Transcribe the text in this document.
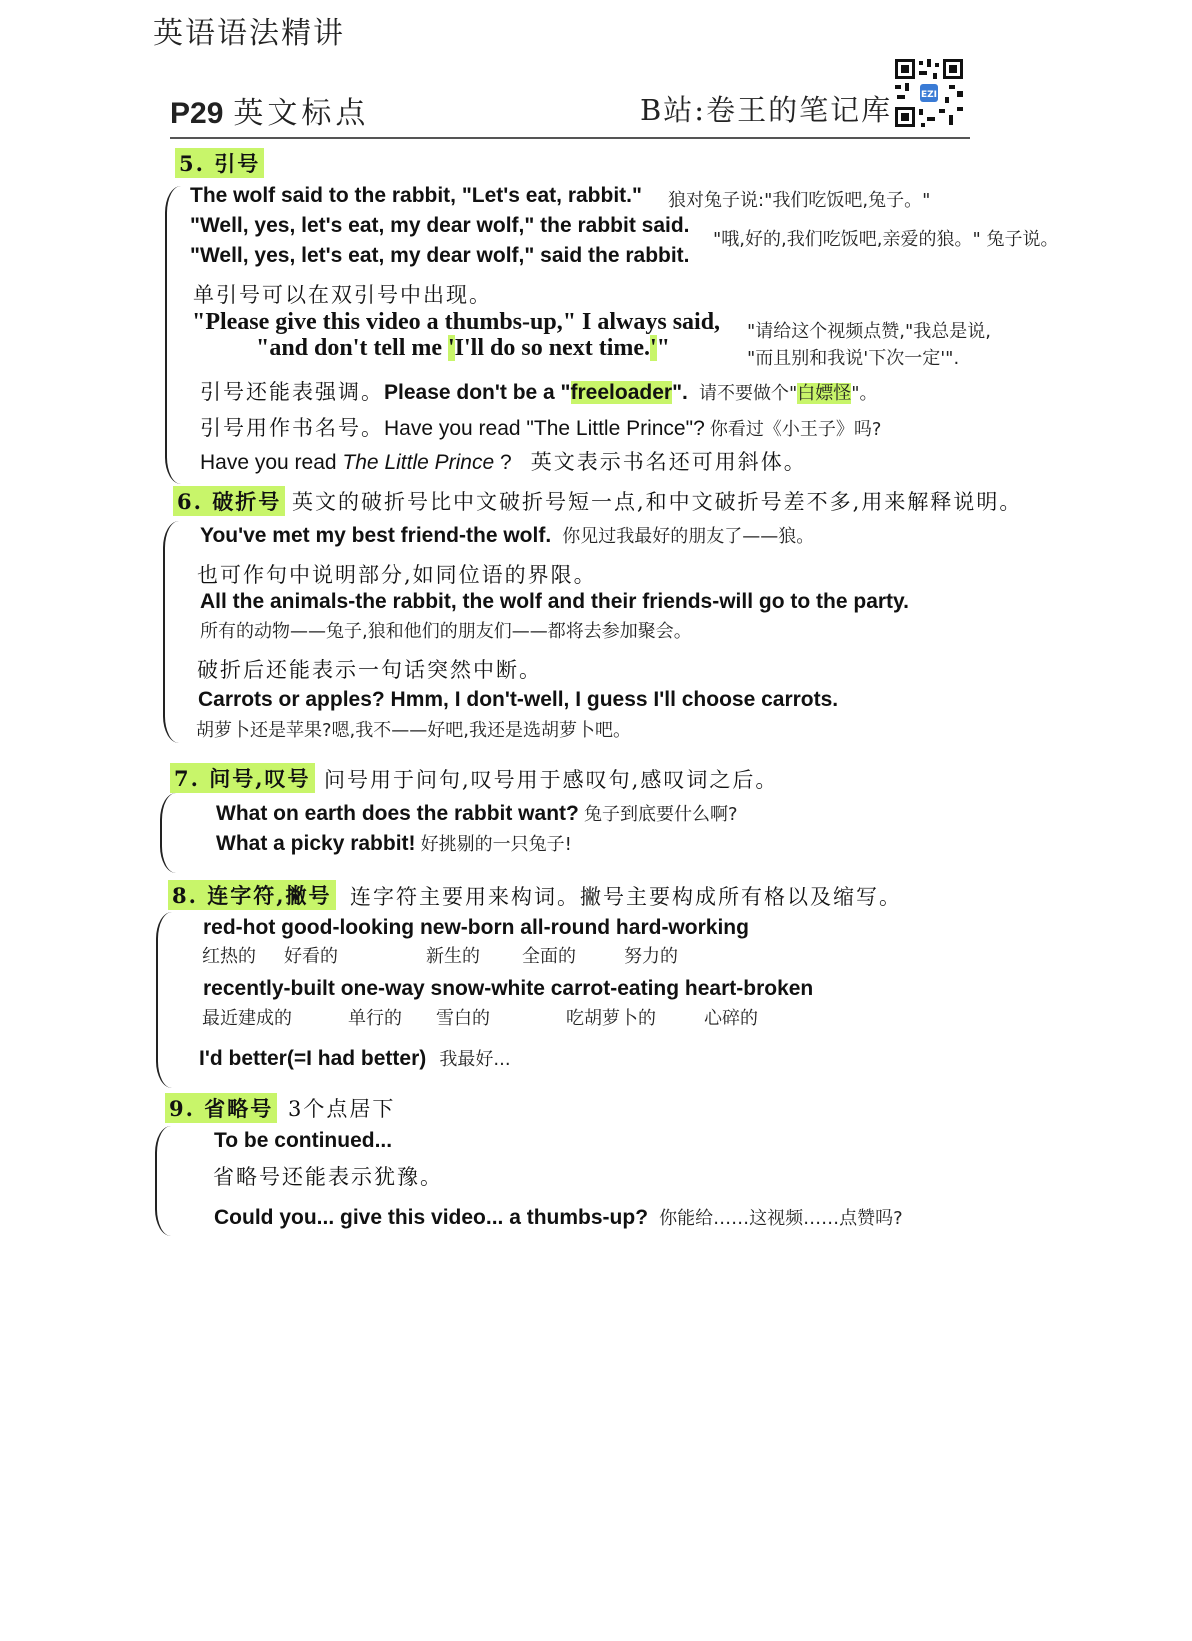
英语语法精讲
P29 英文标点	B站:卷王的笔记库	EZI
5. 引号
The wolf said to the rabbit, "Let's eat, rabbit." 狼对兔子说:"我们吃饭吧,兔子。"
"Well, yes, let's eat, my dear wolf," the rabbit said.
"Well, yes, let's eat, my dear wolf," said the rabbit.
"哦,好的,我们吃饭吧,亲爱的狼。" 兔子说。
单引号可以在双引号中出现。
"Please give this video a thumbs-up," I always said,
"and don't tell me 'I'll do so next time.'"
"请给这个视频点赞,"我总是说,
"而且别和我说'下次一定'".
引号还能表强调。Please don't be a "freeloader". 请不要做个"白嫖怪"。
引号用作书名号。Have you read "The Little Prince"? 你看过《小王子》吗?
Have you read The Little Prince ? 英文表示书名还可用斜体。
6. 破折号 英文的破折号比中文破折号短一点,和中文破折号差不多,用来解释说明。
You've met my best friend-the wolf. 你见过我最好的朋友了——狼。
也可作句中说明部分,如同位语的界限。
All the animals-the rabbit, the wolf and their friends-will go to the party.
所有的动物——兔子,狼和他们的朋友们——都将去参加聚会。
破折后还能表示一句话突然中断。
Carrots or apples? Hmm, I don't-well, I guess I'll choose carrots.
胡萝卜还是苹果?嗯,我不——好吧,我还是选胡萝卜吧。
7. 问号,叹号 问号用于问句,叹号用于感叹句,感叹词之后。
What on earth does the rabbit want? 兔子到底要什么啊?
What a picky rabbit! 好挑剔的一只兔子!
8. 连字符,撇号 连字符主要用来构词。撇号主要构成所有格以及缩写。
red-hot good-looking new-born all-round hard-working
红热的 好看的	新生的 全面的	努力的
recently-built one-way snow-white carrot-eating heart-broken
最近建成的	单行的 雪白的	吃胡萝卜的	心碎的
I'd better(=I had better) 我最好...
9. 省略号 3个点居下
To be continued...
省略号还能表示犹豫。
Could you... give this video... a thumbs-up? 你能给……这视频……点赞吗?
